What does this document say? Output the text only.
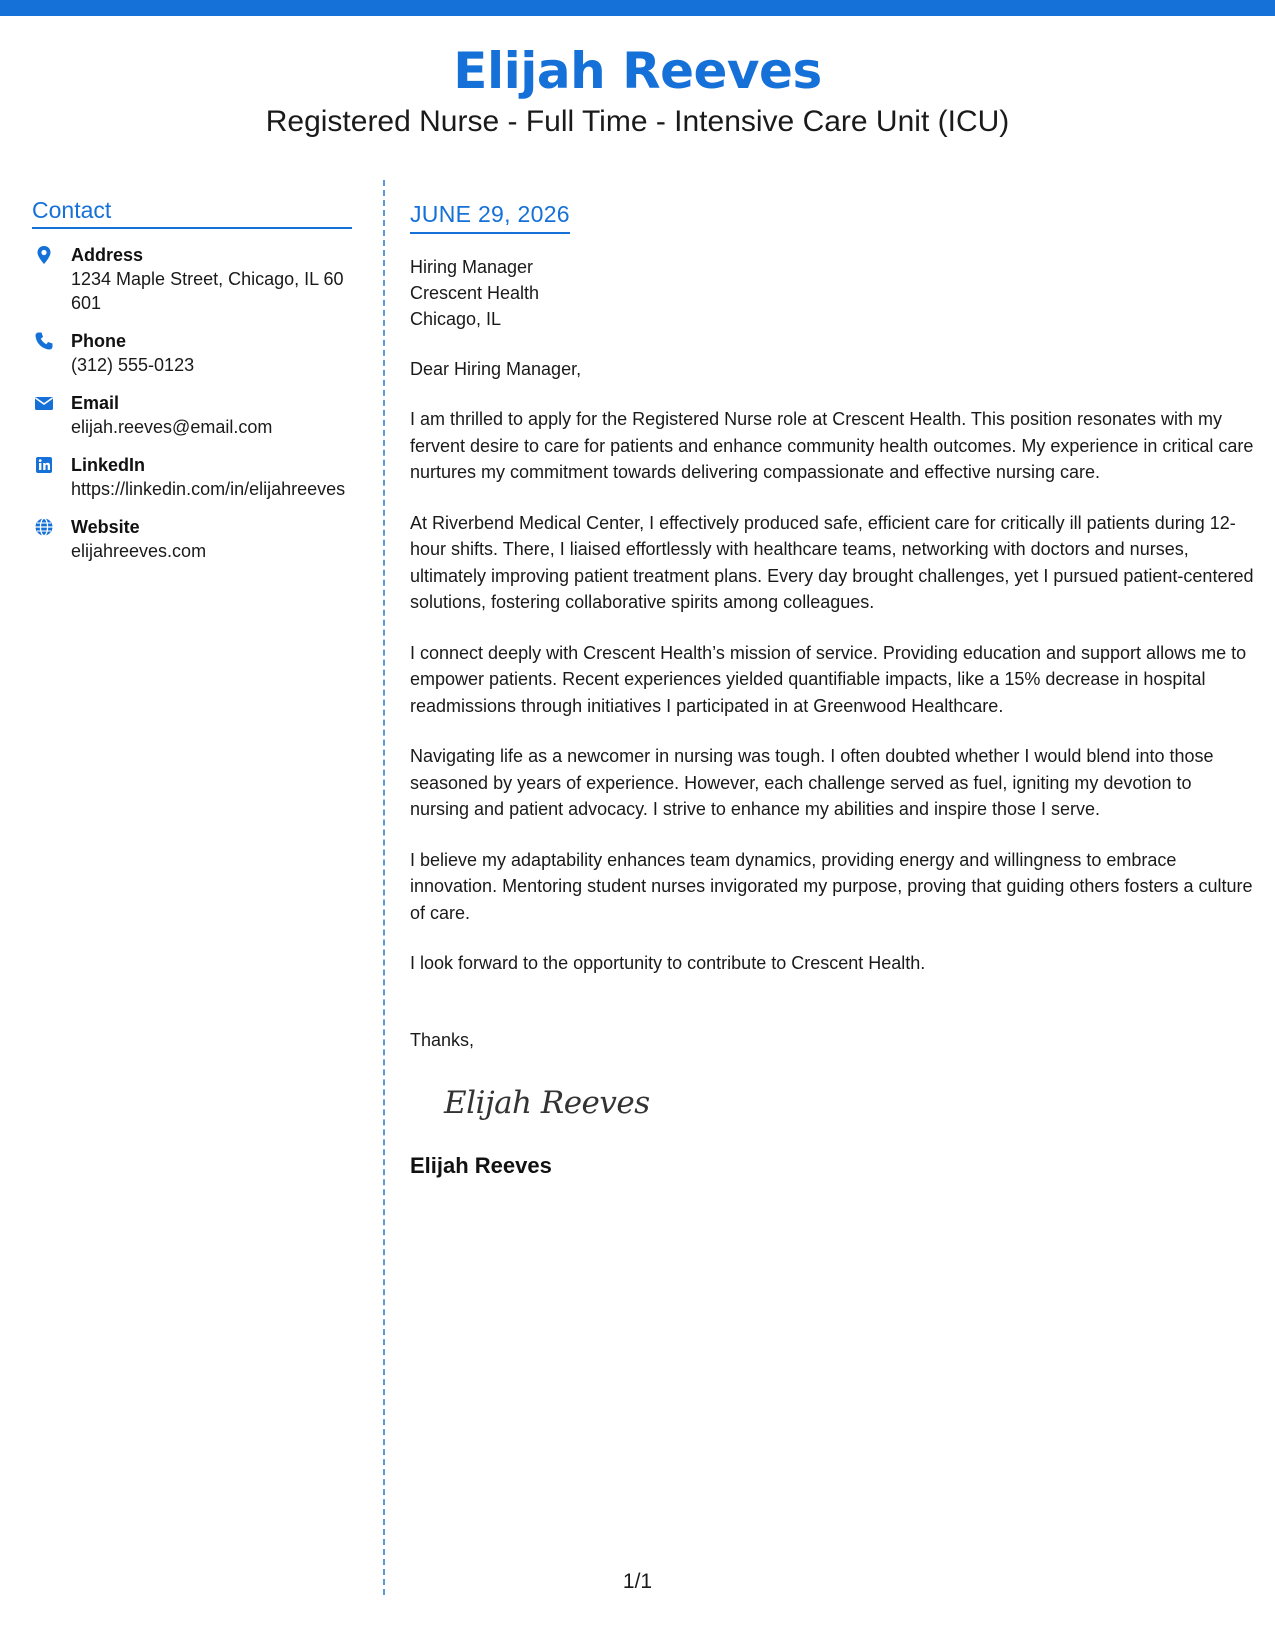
Elijah Reeves
Registered Nurse - Full Time - Intensive Care Unit (ICU)
Contact
Address
1234 Maple Street, Chicago, IL 60601
Phone
(312) 555-0123
Email
elijah.reeves@email.com
LinkedIn
https://linkedin.com/in/elijahreeves
Website
elijahreeves.com
JUNE 29, 2026
Hiring Manager
Crescent Health
Chicago, IL
Dear Hiring Manager,
I am thrilled to apply for the Registered Nurse role at Crescent Health. This position resonates with my fervent desire to care for patients and enhance community health outcomes. My experience in critical care nurtures my commitment towards delivering compassionate and effective nursing care.
At Riverbend Medical Center, I effectively produced safe, efficient care for critically ill patients during 12-hour shifts. There, I liaised effortlessly with healthcare teams, networking with doctors and nurses, ultimately improving patient treatment plans. Every day brought challenges, yet I pursued patient-centered solutions, fostering collaborative spirits among colleagues.
I connect deeply with Crescent Health’s mission of service. Providing education and support allows me to empower patients. Recent experiences yielded quantifiable impacts, like a 15% decrease in hospital readmissions through initiatives I participated in at Greenwood Healthcare.
Navigating life as a newcomer in nursing was tough. I often doubted whether I would blend into those seasoned by years of experience. However, each challenge served as fuel, igniting my devotion to nursing and patient advocacy. I strive to enhance my abilities and inspire those I serve.
I believe my adaptability enhances team dynamics, providing energy and willingness to embrace innovation. Mentoring student nurses invigorated my purpose, proving that guiding others fosters a culture of care.
I look forward to the opportunity to contribute to Crescent Health.
Thanks,
Elijah Reeves
Elijah Reeves
1/1
